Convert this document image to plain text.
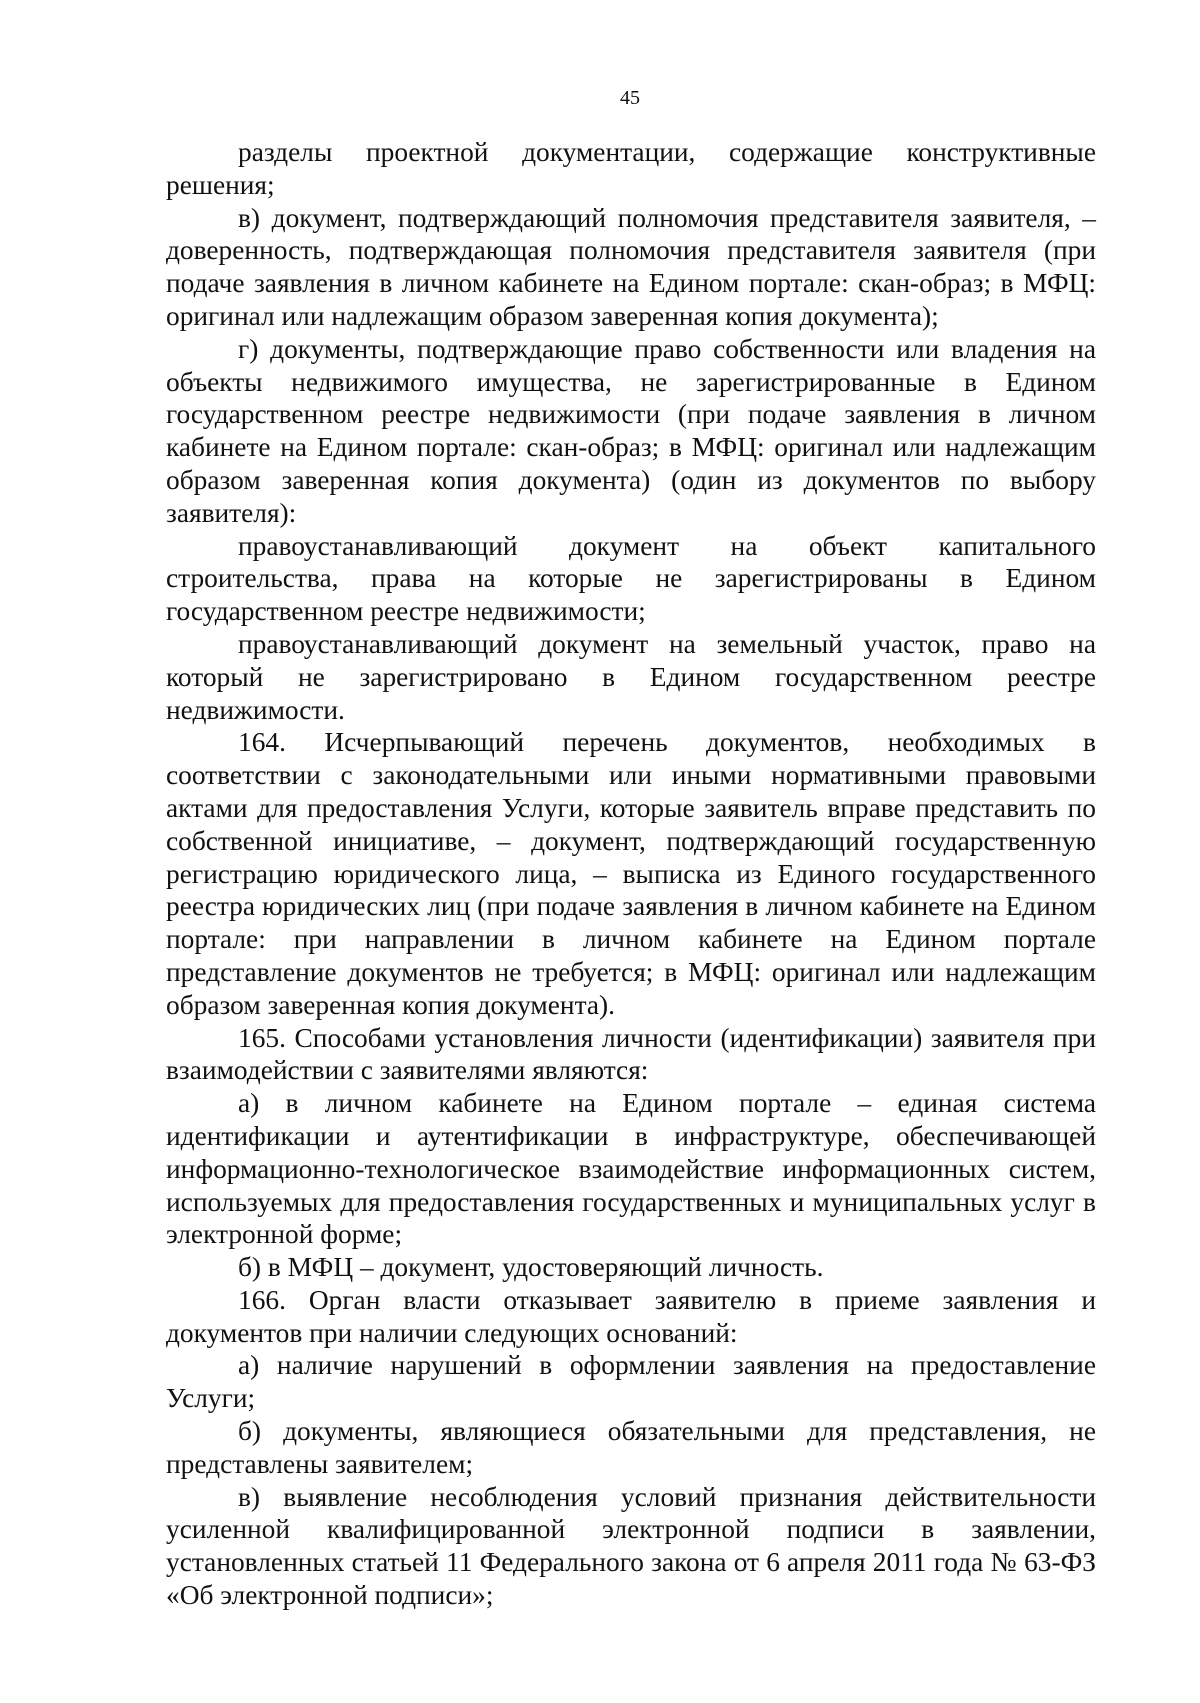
45

разделы проектной документации, содержащие конструктивные решения;

в) документ, подтверждающий полномочия представителя заявителя, – доверенность, подтверждающая полномочия представителя заявителя (при подаче заявления в личном кабинете на Едином портале: скан-образ; в МФЦ: оригинал или надлежащим образом заверенная копия документа);

г) документы, подтверждающие право собственности или владения на объекты недвижимого имущества, не зарегистрированные в Едином государственном реестре недвижимости (при подаче заявления в личном кабинете на Едином портале: скан-образ; в МФЦ: оригинал или надлежащим образом заверенная копия документа) (один из документов по выбору заявителя):

правоустанавливающий документ на объект капитального строительства, права на которые не зарегистрированы в Едином государственном реестре недвижимости;

правоустанавливающий документ на земельный участок, право на который не зарегистрировано в Едином государственном реестре недвижимости.

164. Исчерпывающий перечень документов, необходимых в соответствии с законодательными или иными нормативными правовыми актами для предоставления Услуги, которые заявитель вправе представить по собственной инициативе, – документ, подтверждающий государственную регистрацию юридического лица, – выписка из Единого государственного реестра юридических лиц (при подаче заявления в личном кабинете на Едином портале: при направлении в личном кабинете на Едином портале представление документов не требуется; в МФЦ: оригинал или надлежащим образом заверенная копия документа).

165. Способами установления личности (идентификации) заявителя при взаимодействии с заявителями являются:

а) в личном кабинете на Едином портале – единая система идентификации и аутентификации в инфраструктуре, обеспечивающей информационно-технологическое взаимодействие информационных систем, используемых для предоставления государственных и муниципальных услуг в электронной форме;

б) в МФЦ – документ, удостоверяющий личность.

166. Орган власти отказывает заявителю в приеме заявления и документов при наличии следующих оснований:

а) наличие нарушений в оформлении заявления на предоставление Услуги;

б) документы, являющиеся обязательными для представления, не представлены заявителем;

в) выявление несоблюдения условий признания действительности усиленной квалифицированной электронной подписи в заявлении, установленных статьей 11 Федерального закона от 6 апреля 2011 года № 63-ФЗ «Об электронной подписи»;
